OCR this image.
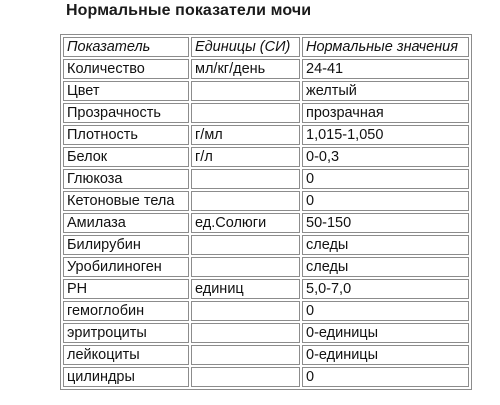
Нормальные показатели мочи
Показатель	Единицы (СИ)	Нормальные значения
Количество	мл/кг/день	24-41
Цвет		желтый
Прозрачность		прозрачная
Плотность	г/мл	1,015-1,050
Белок	г/л	0-0,3
Глюкоза		0
Кетоновые тела		0
Амилаза	ед.Солюги	50-150
Билирубин		следы
Уробилиноген		следы
PH	единиц	5,0-7,0
гемоглобин		0
эритроциты		0-единицы
лейкоциты		0-единицы
цилиндры		0
